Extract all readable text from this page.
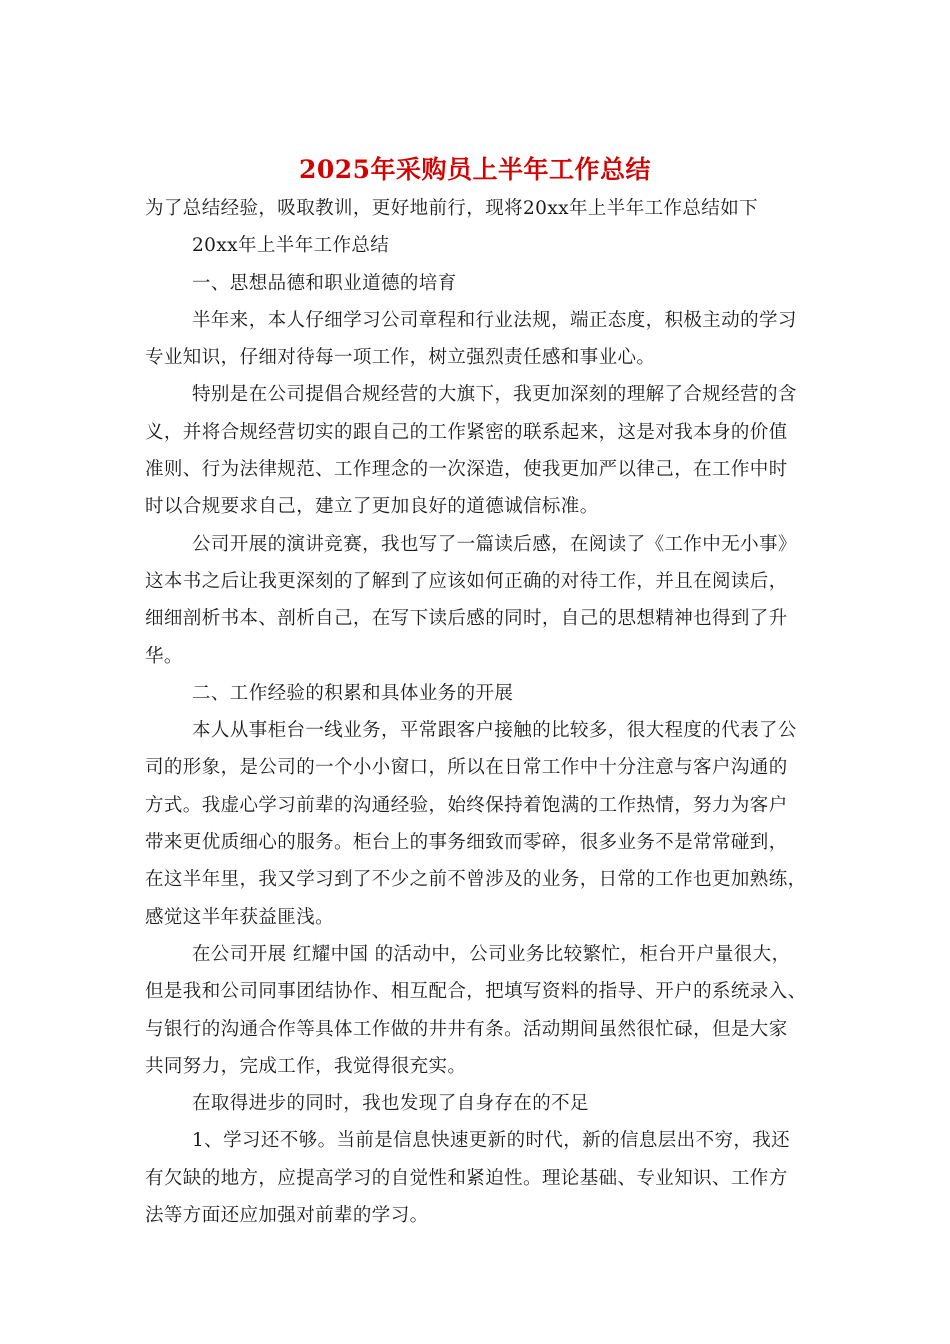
2025年采购员上半年工作总结
为了总结经验，吸取教训，更好地前行，现将20xx年上半年工作总结如下
20xx年上半年工作总结
一、思想品德和职业道德的培育
半年来，本人仔细学习公司章程和行业法规，端正态度，积极主动的学习
专业知识，仔细对待每一项工作，树立强烈责任感和事业心。
特别是在公司提倡合规经营的大旗下，我更加深刻的理解了合规经营的含
义，并将合规经营切实的跟自己的工作紧密的联系起来，这是对我本身的价值
准则、行为法律规范、工作理念的一次深造，使我更加严以律己，在工作中时
时以合规要求自己，建立了更加良好的道德诚信标准。
公司开展的演讲竞赛，我也写了一篇读后感，在阅读了《工作中无小事》
这本书之后让我更深刻的了解到了应该如何正确的对待工作，并且在阅读后，
细细剖析书本、剖析自己，在写下读后感的同时，自己的思想精神也得到了升
华。
二、工作经验的积累和具体业务的开展
本人从事柜台一线业务，平常跟客户接触的比较多，很大程度的代表了公
司的形象，是公司的一个小小窗口，所以在日常工作中十分注意与客户沟通的
方式。我虚心学习前辈的沟通经验，始终保持着饱满的工作热情，努力为客户
带来更优质细心的服务。柜台上的事务细致而零碎，很多业务不是常常碰到，
在这半年里，我又学习到了不少之前不曾涉及的业务，日常的工作也更加熟练，
感觉这半年获益匪浅。
在公司开展 红耀中国 的活动中，公司业务比较繁忙，柜台开户量很大，
但是我和公司同事团结协作、相互配合，把填写资料的指导、开户的系统录入、
与银行的沟通合作等具体工作做的井井有条。活动期间虽然很忙碌，但是大家
共同努力，完成工作，我觉得很充实。
在取得进步的同时，我也发现了自身存在的不足
1、学习还不够。当前是信息快速更新的时代，新的信息层出不穷，我还
有欠缺的地方，应提高学习的自觉性和紧迫性。理论基础、专业知识、工作方
法等方面还应加强对前辈的学习。
